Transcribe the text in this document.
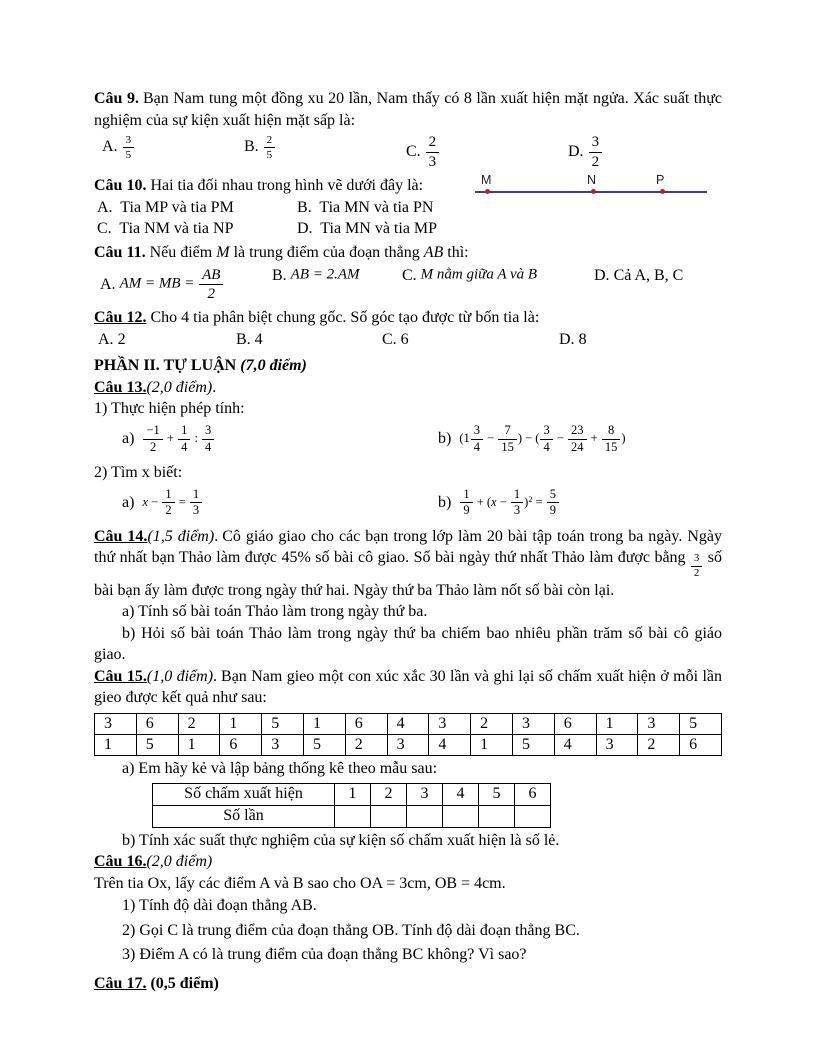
Câu 9. Bạn Nam tung một đồng xu 20 lần, Nam thấy có 8 lần xuất hiện mặt ngửa. Xác suất thực nghiệm của sự kiện xuất hiện mặt sấp là:

A. $\frac{3}{5}$	B. $\frac{2}{5}$	C. $\frac{2}{3}$	D. $\frac{3}{2}$
M	N	P

Câu 10. Hai tia đối nhau trong hình vẽ dưới đây là:

A. Tia MP và tia PM	B. Tia MN và tia PN
C. Tia NM và tia NP	D. Tia MN và tia MP

Câu 11. Nếu điểm M là trung điểm của đoạn thẳng AB thì:

A. AM = MB = $\frac{AB}{2}$	B. AB = 2.AM	C. M nằm giữa A và B	D. Cả A, B, C

Câu 12. Cho 4 tia phân biệt chung gốc. Số góc tạo được từ bốn tia là:

A. 2	B. 4	C. 6	D. 8

PHẦN II. TỰ LUẬN (7,0 điểm)

Câu 13.(2,0 điểm).

1) Thực hiện phép tính:

$a) \frac{-1}{2} + \frac{1}{4}$ : $\frac{3}{4}$	b) ($1 \frac{3}{4} - \frac{7}{15}$ ) − ( $\frac{3}{4} - \frac{23}{24} + \frac{8}{15}$ )

2) Tìm x biết:

a) $x - \frac{1}{2} = \frac{1}{3}$	$b) \frac{1}{9} + (x - \frac{1}{3} )^2 = \frac{5}{9}$

Câu 14.(1,5 điểm). Cô giáo giao cho các bạn trong lớp làm 20 bài tập toán trong ba ngày. Ngày thứ nhất bạn Thảo làm được 45% số bài cô giao. Số bài ngày thứ nhất Thảo làm được bằng $_{\frac{3}{2}}$ số bài bạn ấy làm được trong ngày thứ hai. Ngày thứ ba Thảo làm nốt số bài còn lại.

a) Tính số bài toán Thảo làm trong ngày thứ ba.

b) Hỏi số bài toán Thảo làm trong ngày thứ ba chiếm bao nhiêu phần trăm số bài cô giáo giao.

Câu 15.(1,0 điểm). Bạn Nam gieo một con xúc xắc 30 lần và ghi lại số chấm xuất hiện ở mỗi lần gieo được kết quả như sau:

3	6	2	1	5	1	6	4	3	2	3	6	1	3	5
1	5	1	6	3	5	2	3	4	1	5	4	3	2	6

a) Em hãy kẻ và lập bảng thống kê theo mẫu sau:

Số chấm xuất hiện	1	2	3	4	5	6
Số lần						

b) Tính xác suất thực nghiệm của sự kiện số chấm xuất hiện là số lẻ.

Câu 16.(2,0 điểm)

Trên tia Ox, lấy các điểm A và B sao cho OA = 3cm, OB = 4cm.

1) Tính độ dài đoạn thẳng AB.

2) Gọi C là trung điểm của đoạn thẳng OB. Tính độ dài đoạn thẳng BC.

3) Điểm A có là trung điểm của đoạn thẳng BC không? Vì sao?

Câu 17. (0,5 điểm)
